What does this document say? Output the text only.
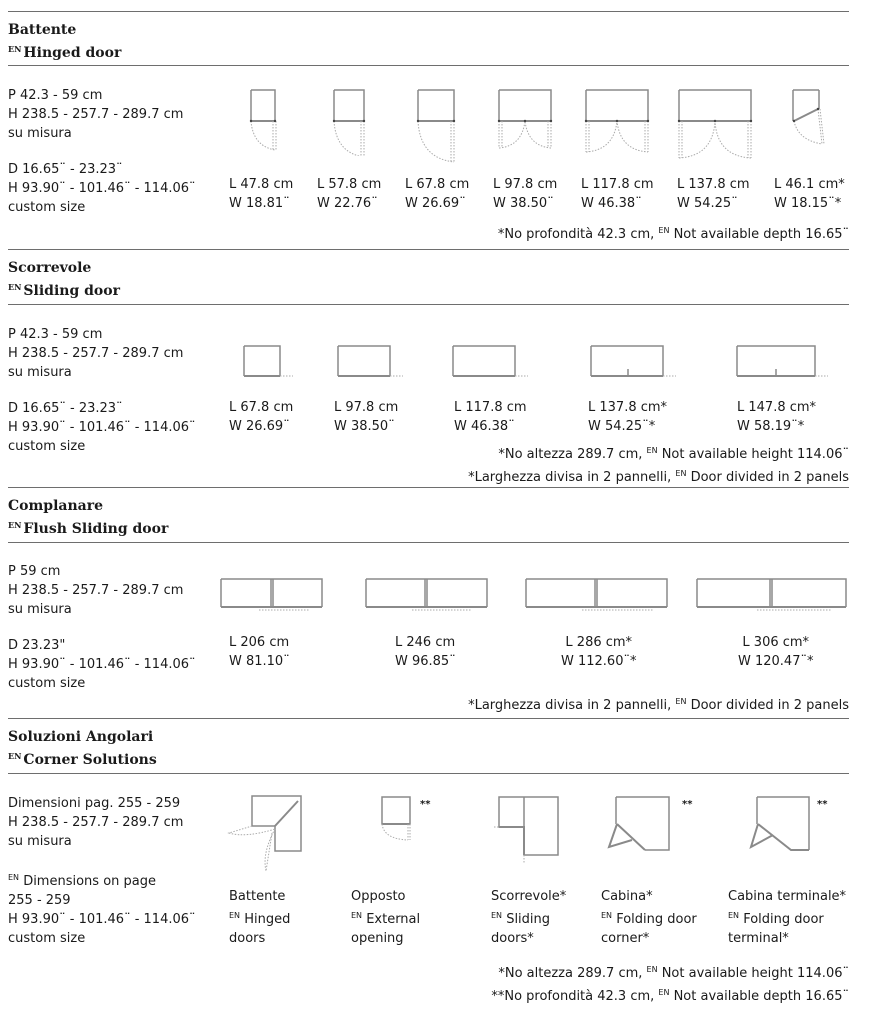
Battente
$^{EN}$ Hinged door
P 42.3 - 59 cm
H 238.5 - 257.7 - 289.7 cm
su misura
D 16.65¨ - 23.23¨
H 93.90¨ - 101.46¨ - 114.06¨
custom size
L 47.8 cm
W 18.81¨
L 57.8 cm
W 22.76¨
L 67.8 cm
W 26.69¨
L 97.8 cm
W 38.50¨
L 117.8 cm
W 46.38¨
L 137.8 cm
W 54.25¨
L 46.1 cm*
W 18.15¨*
*No profondità 42.3 cm, $^{EN}$ Not available depth 16.65¨
Scorrevole
$^{EN}$ Sliding door
P 42.3 - 59 cm
H 238.5 - 257.7 - 289.7 cm
su misura
D 16.65¨ - 23.23¨
H 93.90¨ - 101.46¨ - 114.06¨
custom size
L 67.8 cm
W 26.69¨
L 97.8 cm
W 38.50¨
L 117.8 cm
W 46.38¨
L 137.8 cm*
W 54.25¨*
L 147.8 cm*
W 58.19¨*
*No altezza 289.7 cm, $^{EN}$ Not available height 114.06¨
*Larghezza divisa in 2 pannelli, $^{EN}$ Door divided in 2 panels
Complanare
$^{EN}$ Flush Sliding door
P 59 cm
H 238.5 - 257.7 - 289.7 cm
su misura
D 23.23"
H 93.90¨ - 101.46¨ - 114.06¨
custom size
L 206 cm
W 81.10¨
L 246 cm
W 96.85¨
L 286 cm*
W 112.60¨*
L 306 cm*
W 120.47¨*
*Larghezza divisa in 2 pannelli, $^{EN}$ Door divided in 2 panels
Soluzioni Angolari
$^{EN}$ Corner Solutions
Dimensioni pag. 255 - 259
H 238.5 - 257.7 - 289.7 cm
su misura
$^{EN}$ Dimensions on page
255 - 259
H 93.90¨ - 101.46¨ - 114.06¨
custom size
**	**	**
Battente
$^{EN}$ Hinged
doors
Opposto
$^{EN}$ External
opening
Scorrevole*
$^{EN}$ Sliding
doors*
Cabina*
$^{EN}$ Folding door
corner*
Cabina terminale*
$^{EN}$ Folding door
terminal*
*No altezza 289.7 cm, $^{EN}$ Not available height 114.06¨
**No profondità 42.3 cm, $^{EN}$ Not available depth 16.65¨
